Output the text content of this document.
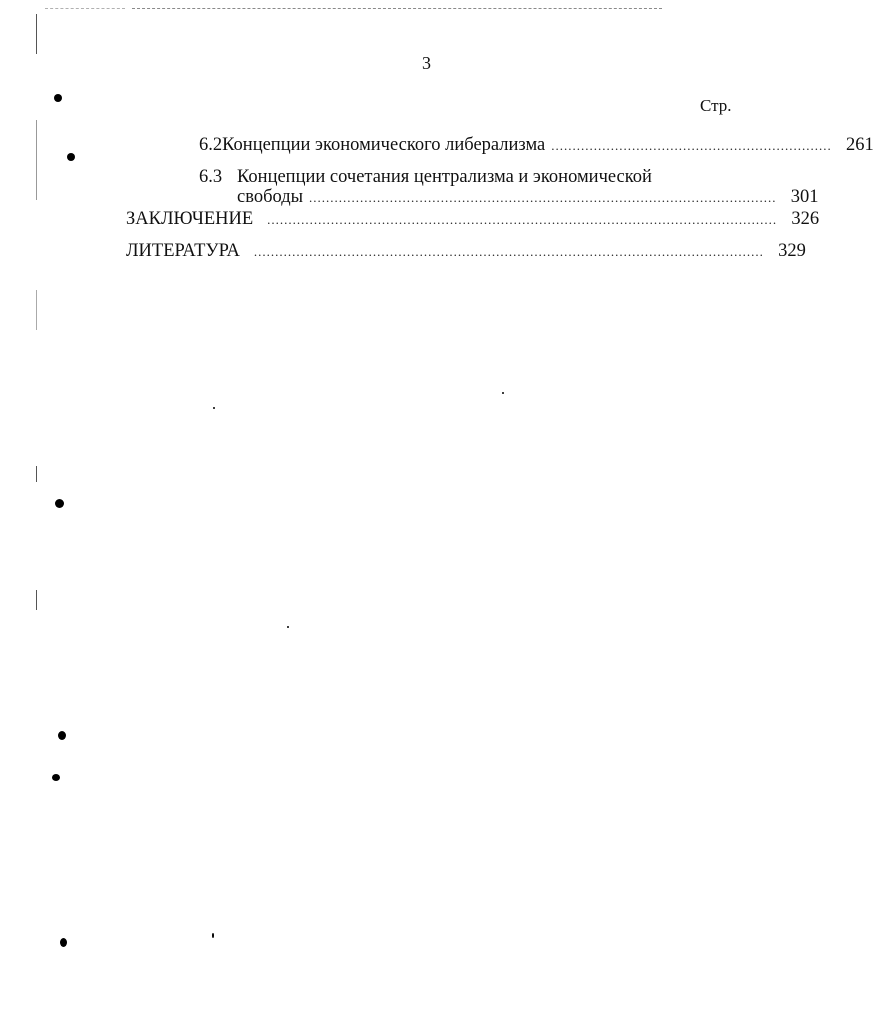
3
Стр.
6.2 Концепции экономического либерализма .................................................................. 261
6.3 Концепции сочетания централизма и экономической
свободы .............................................................................................................. 301
ЗАКЛЮЧЕНИЕ ........................................................................................................................ 326
ЛИТЕРАТУРА ........................................................................................................................ 329
